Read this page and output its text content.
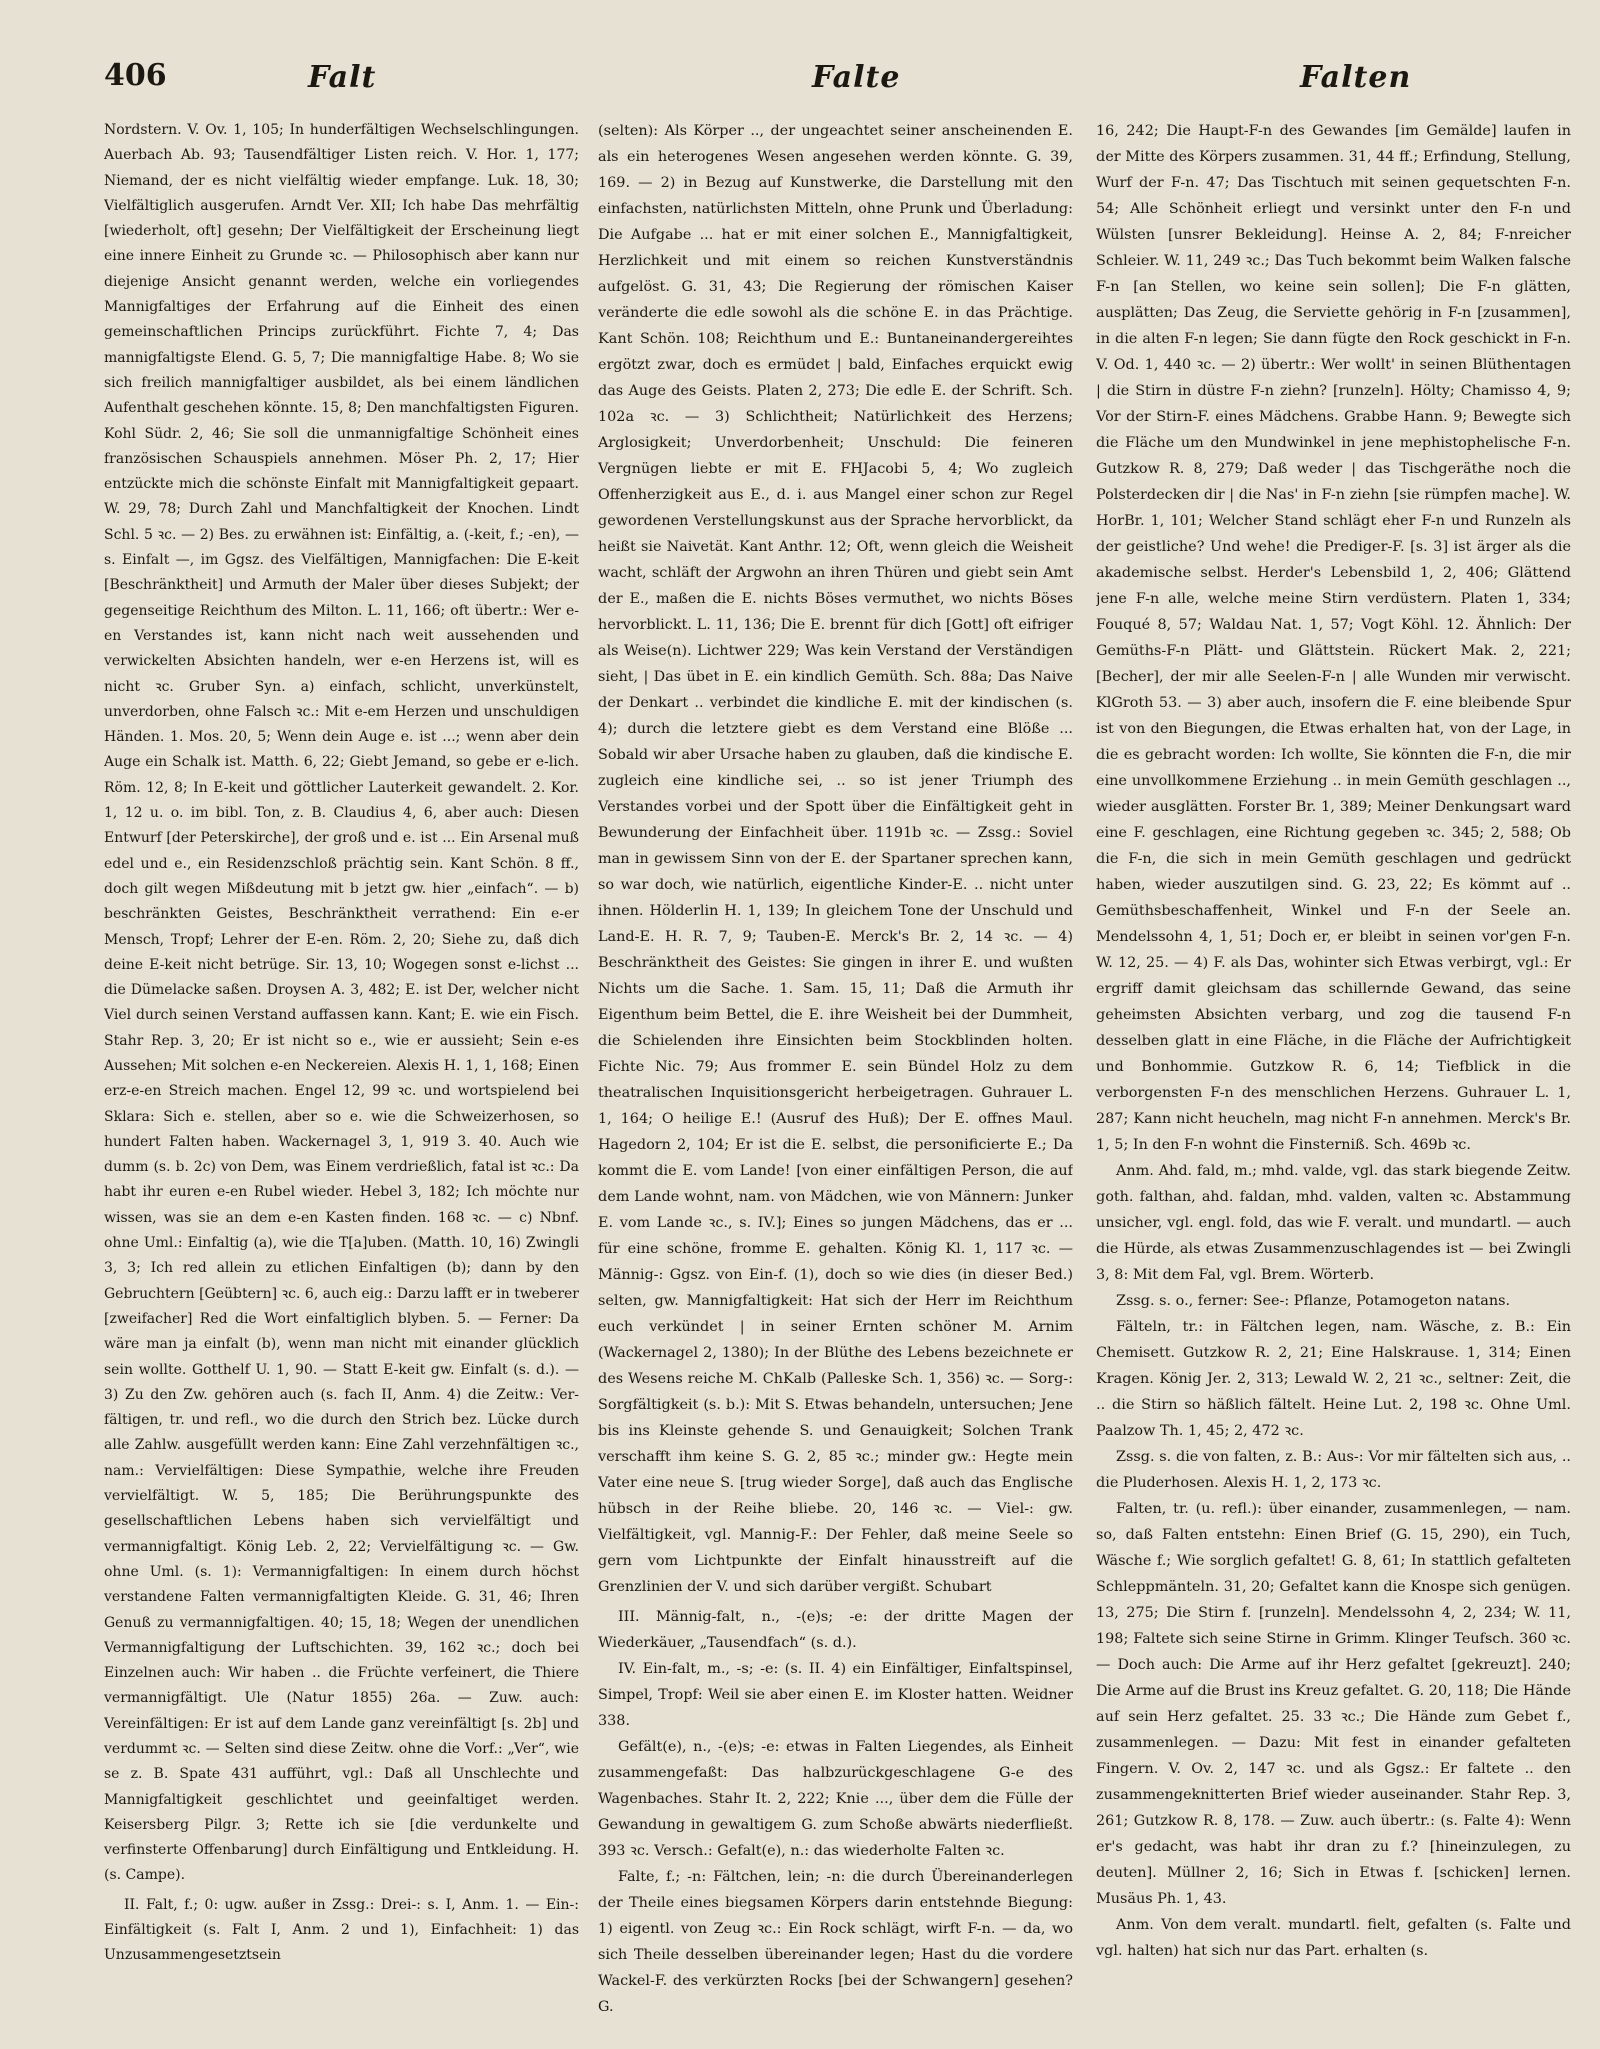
406	Falt	Falte	Falten

Nordstern. V. Ov. 1, 105; In hunderfältigen Wechselschlingungen. Auerbach Ab. 93; Tausendfältiger Listen reich. V. Hor. 1, 177; Niemand, der es nicht vielfältig wieder empfange. Luk. 18, 30; Vielfältiglich ausgerufen. Arndt Ver. XII; Ich habe Das mehrfältig [wiederholt, oft] gesehn; Der Vielfältigkeit der Erscheinung liegt eine innere Einheit zu Grunde ꝛc. — Philosophisch aber kann nur diejenige Ansicht genannt werden, welche ein vorliegendes Mannigfaltiges der Erfahrung auf die Einheit des einen gemeinschaftlichen Princips zurückführt. Fichte 7, 4; Das mannigfaltigste Elend. G. 5, 7; Die mannigfaltige Habe. 8; Wo sie sich freilich mannigfaltiger ausbildet, als bei einem ländlichen Aufenthalt geschehen könnte. 15, 8; Den manchfaltigsten Figuren. Kohl Südr. 2, 46; Sie soll die unmannigfaltige Schönheit eines französischen Schauspiels annehmen. Möser Ph. 2, 17; Hier entzückte mich die schönste Einfalt mit Mannigfaltigkeit gepaart. W. 29, 78; Durch Zahl und Manchfaltigkeit der Knochen. Lindt Schl. 5 ꝛc. — 2) Bes. zu erwähnen ist: Einfältig, a. (-keit, f.; -en), — s. Einfalt —, im Ggsz. des Vielfältigen, Mannigfachen: Die E-keit [Beschränktheit] und Armuth der Maler über dieses Subjekt; der gegenseitige Reichthum des Milton. L. 11, 166; oft übertr.: Wer e-en Verstandes ist, kann nicht nach weit aussehenden und verwickelten Absichten handeln, wer e-en Herzens ist, will es nicht ꝛc. Gruber Syn. a) einfach, schlicht, unverkünstelt, unverdorben, ohne Falsch ꝛc.: Mit e-em Herzen und unschuldigen Händen. 1. Mos. 20, 5; Wenn dein Auge e. ist ...; wenn aber dein Auge ein Schalk ist. Matth. 6, 22; Giebt Jemand, so gebe er e-lich. Röm. 12, 8; In E-keit und göttlicher Lauterkeit gewandelt. 2. Kor. 1, 12 u. o. im bibl. Ton, z. B. Claudius 4, 6, aber auch: Diesen Entwurf [der Peterskirche], der groß und e. ist ... Ein Arsenal muß edel und e., ein Residenzschloß prächtig sein. Kant Schön. 8 ff., doch gilt wegen Mißdeutung mit b jetzt gw. hier „einfach“. — b) beschränkten Geistes, Beschränktheit verrathend: Ein e-er Mensch, Tropf; Lehrer der E-en. Röm. 2, 20; Siehe zu, daß dich deine E-keit nicht betrüge. Sir. 13, 10; Wogegen sonst e-lichst ... die Dümelacke saßen. Droysen A. 3, 482; E. ist Der, welcher nicht Viel durch seinen Verstand auffassen kann. Kant; E. wie ein Fisch. Stahr Rep. 3, 20; Er ist nicht so e., wie er aussieht; Sein e-es Aussehen; Mit solchen e-en Neckereien. Alexis H. 1, 1, 168; Einen erz-e-en Streich machen. Engel 12, 99 ꝛc. und wortspielend bei Sklara: Sich e. stellen, aber so e. wie die Schweizerhosen, so hundert Falten haben. Wackernagel 3, 1, 919 3. 40. Auch wie dumm (s. b. 2c) von Dem, was Einem verdrießlich, fatal ist ꝛc.: Da habt ihr euren e-en Rubel wieder. Hebel 3, 182; Ich möchte nur wissen, was sie an dem e-en Kasten finden. 168 ꝛc. — c) Nbnf. ohne Uml.: Einfaltig (a), wie die T[a]uben. (Matth. 10, 16) Zwingli 3, 3; Ich red allein zu etlichen Einfaltigen (b); dann by den Gebruchtern [Geübtern] ꝛc. 6, auch eig.: Darzu lafft er in tweberer [zweifacher] Red die Wort einfaltiglich blyben. 5. — Ferner: Da wäre man ja einfalt (b), wenn man nicht mit einander glücklich sein wollte. Gotthelf U. 1, 90. — Statt E-keit gw. Einfalt (s. d.). — 3) Zu den Zw. gehören auch (s. fach II, Anm. 4) die Zeitw.: Ver-fältigen, tr. und refl., wo die durch den Strich bez. Lücke durch alle Zahlw. ausgefüllt werden kann: Eine Zahl verzehnfältigen ꝛc., nam.: Vervielfältigen: Diese Sympathie, welche ihre Freuden vervielfältigt. W. 5, 185; Die Berührungspunkte des gesellschaftlichen Lebens haben sich vervielfältigt und vermannigfaltigt. König Leb. 2, 22; Vervielfältigung ꝛc. — Gw. ohne Uml. (s. 1): Vermannigfaltigen: In einem durch höchst verstandene Falten vermannigfaltigten Kleide. G. 31, 46; Ihren Genuß zu vermannigfaltigen. 40; 15, 18; Wegen der unendlichen Vermannigfaltigung der Luftschichten. 39, 162 ꝛc.; doch bei Einzelnen auch: Wir haben .. die Früchte verfeinert, die Thiere vermannigfältigt. Ule (Natur 1855) 26a. — Zuw. auch: Vereinfältigen: Er ist auf dem Lande ganz vereinfältigt [s. 2b] und verdummt ꝛc. — Selten sind diese Zeitw. ohne die Vorf.: „Ver“, wie se z. B. Spate 431 aufführt, vgl.: Daß all Unschlechte und Mannigfaltigkeit geschlichtet und geeinfaltiget werden. Keisersberg Pilgr. 3; Rette ich sie [die verdunkelte und verfinsterte Offenbarung] durch Einfältigung und Entkleidung. H. (s. Campe).

II. Falt, f.; 0: ugw. außer in Zssg.: Drei-: s. I, Anm. 1. — Ein-: Einfältigkeit (s. Falt I, Anm. 2 und 1), Einfachheit: 1) das Unzusammengesetztsein

(selten): Als Körper .., der ungeachtet seiner anscheinenden E. als ein heterogenes Wesen angesehen werden könnte. G. 39, 169. — 2) in Bezug auf Kunstwerke, die Darstellung mit den einfachsten, natürlichsten Mitteln, ohne Prunk und Überladung: Die Aufgabe ... hat er mit einer solchen E., Mannigfaltigkeit, Herzlichkeit und mit einem so reichen Kunstverständnis aufgelöst. G. 31, 43; Die Regierung der römischen Kaiser veränderte die edle sowohl als die schöne E. in das Prächtige. Kant Schön. 108; Reichthum und E.: Buntaneinandergereihtes ergötzt zwar, doch es ermüdet | bald, Einfaches erquickt ewig das Auge des Geists. Platen 2, 273; Die edle E. der Schrift. Sch. 102a ꝛc. — 3) Schlichtheit; Natürlichkeit des Herzens; Arglosigkeit; Unverdorbenheit; Unschuld: Die feineren Vergnügen liebte er mit E. FHJacobi 5, 4; Wo zugleich Offenherzigkeit aus E., d. i. aus Mangel einer schon zur Regel gewordenen Verstellungskunst aus der Sprache hervorblickt, da heißt sie Naivetät. Kant Anthr. 12; Oft, wenn gleich die Weisheit wacht, schläft der Argwohn an ihren Thüren und giebt sein Amt der E., maßen die E. nichts Böses vermuthet, wo nichts Böses hervorblickt. L. 11, 136; Die E. brennt für dich [Gott] oft eifriger als Weise(n). Lichtwer 229; Was kein Verstand der Verständigen sieht, | Das übet in E. ein kindlich Gemüth. Sch. 88a; Das Naive der Denkart .. verbindet die kindliche E. mit der kindischen (s. 4); durch die letztere giebt es dem Verstand eine Blöße ... Sobald wir aber Ursache haben zu glauben, daß die kindische E. zugleich eine kindliche sei, .. so ist jener Triumph des Verstandes vorbei und der Spott über die Einfältigkeit geht in Bewunderung der Einfachheit über. 1191b ꝛc. — Zssg.: Soviel man in gewissem Sinn von der E. der Spartaner sprechen kann, so war doch, wie natürlich, eigentliche Kinder-E. .. nicht unter ihnen. Hölderlin H. 1, 139; In gleichem Tone der Unschuld und Land-E. H. R. 7, 9; Tauben-E. Merck's Br. 2, 14 ꝛc. — 4) Beschränktheit des Geistes: Sie gingen in ihrer E. und wußten Nichts um die Sache. 1. Sam. 15, 11; Daß die Armuth ihr Eigenthum beim Bettel, die E. ihre Weisheit bei der Dummheit, die Schielenden ihre Einsichten beim Stockblinden holten. Fichte Nic. 79; Aus frommer E. sein Bündel Holz zu dem theatralischen Inquisitionsgericht herbeigetragen. Guhrauer L. 1, 164; O heilige E.! (Ausruf des Huß); Der E. offnes Maul. Hagedorn 2, 104; Er ist die E. selbst, die personificierte E.; Da kommt die E. vom Lande! [von einer einfältigen Person, die auf dem Lande wohnt, nam. von Mädchen, wie von Männern: Junker E. vom Lande ꝛc., s. IV.]; Eines so jungen Mädchens, das er ... für eine schöne, fromme E. gehalten. König Kl. 1, 117 ꝛc. — Männig-: Ggsz. von Ein-f. (1), doch so wie dies (in dieser Bed.) selten, gw. Mannigfaltigkeit: Hat sich der Herr im Reichthum euch verkündet | in seiner Ernten schöner M. Arnim (Wackernagel 2, 1380); In der Blüthe des Lebens bezeichnete er des Wesens reiche M. ChKalb (Palleske Sch. 1, 356) ꝛc. — Sorg-: Sorgfältigkeit (s. b.): Mit S. Etwas behandeln, untersuchen; Jene bis ins Kleinste gehende S. und Genauigkeit; Solchen Trank verschafft ihm keine S. G. 2, 85 ꝛc.; minder gw.: Hegte mein Vater eine neue S. [trug wieder Sorge], daß auch das Englische hübsch in der Reihe bliebe. 20, 146 ꝛc. — Viel-: gw. Vielfältigkeit, vgl. Mannig-F.: Der Fehler, daß meine Seele so gern vom Lichtpunkte der Einfalt hinausstreift auf die Grenzlinien der V. und sich darüber vergißt. Schubart

III. Männig-falt, n., -(e)s; -e: der dritte Magen der Wiederkäuer, „Tausendfach“ (s. d.).

IV. Ein-falt, m., -s; -e: (s. II. 4) ein Einfältiger, Einfaltspinsel, Simpel, Tropf: Weil sie aber einen E. im Kloster hatten. Weidner 338.

Gefält(e), n., -(e)s; -e: etwas in Falten Liegendes, als Einheit zusammengefaßt: Das halbzurückgeschlagene G-e des Wagenbaches. Stahr It. 2, 222; Knie ..., über dem die Fülle der Gewandung in gewaltigem G. zum Schoße abwärts niederfließt. 393 ꝛc. Versch.: Gefalt(e), n.: das wiederholte Falten ꝛc.

Falte, f.; -n: Fältchen, lein; -n: die durch Übereinanderlegen der Theile eines biegsamen Körpers darin entstehnde Biegung: 1) eigentl. von Zeug ꝛc.: Ein Rock schlägt, wirft F-n. — da, wo sich Theile desselben übereinander legen; Hast du die vordere Wackel-F. des verkürzten Rocks [bei der Schwangern] gesehen? G.

16, 242; Die Haupt-F-n des Gewandes [im Gemälde] laufen in der Mitte des Körpers zusammen. 31, 44 ff.; Erfindung, Stellung, Wurf der F-n. 47; Das Tischtuch mit seinen gequetschten F-n. 54; Alle Schönheit erliegt und versinkt unter den F-n und Wülsten [unsrer Bekleidung]. Heinse A. 2, 84; F-nreicher Schleier. W. 11, 249 ꝛc.; Das Tuch bekommt beim Walken falsche F-n [an Stellen, wo keine sein sollen]; Die F-n glätten, ausplätten; Das Zeug, die Serviette gehörig in F-n [zusammen], in die alten F-n legen; Sie dann fügte den Rock geschickt in F-n. V. Od. 1, 440 ꝛc. — 2) übertr.: Wer wollt' in seinen Blüthentagen | die Stirn in düstre F-n ziehn? [runzeln]. Hölty; Chamisso 4, 9; Vor der Stirn-F. eines Mädchens. Grabbe Hann. 9; Bewegte sich die Fläche um den Mundwinkel in jene mephistophelische F-n. Gutzkow R. 8, 279; Daß weder | das Tischgeräthe noch die Polsterdecken dir | die Nas' in F-n ziehn [sie rümpfen mache]. W. HorBr. 1, 101; Welcher Stand schlägt eher F-n und Runzeln als der geistliche? Und wehe! die Prediger-F. [s. 3] ist ärger als die akademische selbst. Herder's Lebensbild 1, 2, 406; Glättend jene F-n alle, welche meine Stirn verdüstern. Platen 1, 334; Fouqué 8, 57; Waldau Nat. 1, 57; Vogt Köhl. 12. Ähnlich: Der Gemüths-F-n Plätt- und Glättstein. Rückert Mak. 2, 221; [Becher], der mir alle Seelen-F-n | alle Wunden mir verwischt. KlGroth 53. — 3) aber auch, insofern die F. eine bleibende Spur ist von den Biegungen, die Etwas erhalten hat, von der Lage, in die es gebracht worden: Ich wollte, Sie könnten die F-n, die mir eine unvollkommene Erziehung .. in mein Gemüth geschlagen .., wieder ausglätten. Forster Br. 1, 389; Meiner Denkungsart ward eine F. geschlagen, eine Richtung gegeben ꝛc. 345; 2, 588; Ob die F-n, die sich in mein Gemüth geschlagen und gedrückt haben, wieder auszutilgen sind. G. 23, 22; Es kömmt auf .. Gemüthsbeschaffenheit, Winkel und F-n der Seele an. Mendelssohn 4, 1, 51; Doch er, er bleibt in seinen vor'gen F-n. W. 12, 25. — 4) F. als Das, wohinter sich Etwas verbirgt, vgl.: Er ergriff damit gleichsam das schillernde Gewand, das seine geheimsten Absichten verbarg, und zog die tausend F-n desselben glatt in eine Fläche, in die Fläche der Aufrichtigkeit und Bonhommie. Gutzkow R. 6, 14; Tiefblick in die verborgensten F-n des menschlichen Herzens. Guhrauer L. 1, 287; Kann nicht heucheln, mag nicht F-n annehmen. Merck's Br. 1, 5; In den F-n wohnt die Finsterniß. Sch. 469b ꝛc.

Anm. Ahd. fald, m.; mhd. valde, vgl. das stark biegende Zeitw. goth. falthan, ahd. faldan, mhd. valden, valten ꝛc. Abstammung unsicher, vgl. engl. fold, das wie F. veralt. und mundartl. — auch die Hürde, als etwas Zusammenzuschlagendes ist — bei Zwingli 3, 8: Mit dem Fal, vgl. Brem. Wörterb.

Zssg. s. o., ferner: See-: Pflanze, Potamogeton natans.

Fälteln, tr.: in Fältchen legen, nam. Wäsche, z. B.: Ein Chemisett. Gutzkow R. 2, 21; Eine Halskrause. 1, 314; Einen Kragen. König Jer. 2, 313; Lewald W. 2, 21 ꝛc., seltner: Zeit, die .. die Stirn so häßlich fältelt. Heine Lut. 2, 198 ꝛc. Ohne Uml. Paalzow Th. 1, 45; 2, 472 ꝛc.

Zssg. s. die von falten, z. B.: Aus-: Vor mir fältelten sich aus, .. die Pluderhosen. Alexis H. 1, 2, 173 ꝛc.

Falten, tr. (u. refl.): über einander, zusammenlegen, — nam. so, daß Falten entstehn: Einen Brief (G. 15, 290), ein Tuch, Wäsche f.; Wie sorglich gefaltet! G. 8, 61; In stattlich gefalteten Schleppmänteln. 31, 20; Gefaltet kann die Knospe sich genügen. 13, 275; Die Stirn f. [runzeln]. Mendelssohn 4, 2, 234; W. 11, 198; Faltete sich seine Stirne in Grimm. Klinger Teufsch. 360 ꝛc. — Doch auch: Die Arme auf ihr Herz gefaltet [gekreuzt]. 240; Die Arme auf die Brust ins Kreuz gefaltet. G. 20, 118; Die Hände auf sein Herz gefaltet. 25. 33 ꝛc.; Die Hände zum Gebet f., zusammenlegen. — Dazu: Mit fest in einander gefalteten Fingern. V. Ov. 2, 147 ꝛc. und als Ggsz.: Er faltete .. den zusammengeknitterten Brief wieder auseinander. Stahr Rep. 3, 261; Gutzkow R. 8, 178. — Zuw. auch übertr.: (s. Falte 4): Wenn er's gedacht, was habt ihr dran zu f.? [hineinzulegen, zu deuten]. Müllner 2, 16; Sich in Etwas f. [schicken] lernen. Musäus Ph. 1, 43.

Anm. Von dem veralt. mundartl. fielt, gefalten (s. Falte und vgl. halten) hat sich nur das Part. erhalten (s.
